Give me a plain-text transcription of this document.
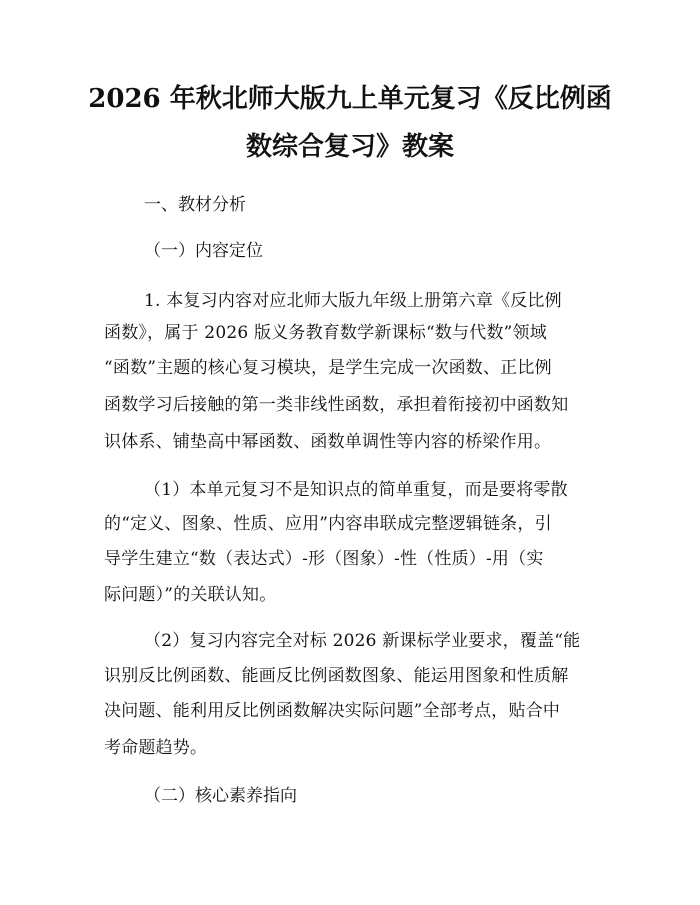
2026 年秋北师大版九上单元复习《反比例函
数综合复习》教案
一、教材分析
（一）内容定位
1. 本复习内容对应北师大版九年级上册第六章《反比例
函数》，属于 2026 版义务教育数学新课标“数与代数”领域
“函数”主题的核心复习模块，是学生完成一次函数、正比例
函数学习后接触的第一类非线性函数，承担着衔接初中函数知
识体系、铺垫高中幂函数、函数单调性等内容的桥梁作用。
（1）本单元复习不是知识点的简单重复，而是要将零散
的“定义、图象、性质、应用”内容串联成完整逻辑链条，引
导学生建立“数（表达式）-形（图象）-性（性质）-用（实
际问题）”的关联认知。
（2）复习内容完全对标 2026 新课标学业要求，覆盖“能
识别反比例函数、能画反比例函数图象、能运用图象和性质解
决问题、能利用反比例函数解决实际问题”全部考点，贴合中
考命题趋势。
（二）核心素养指向
